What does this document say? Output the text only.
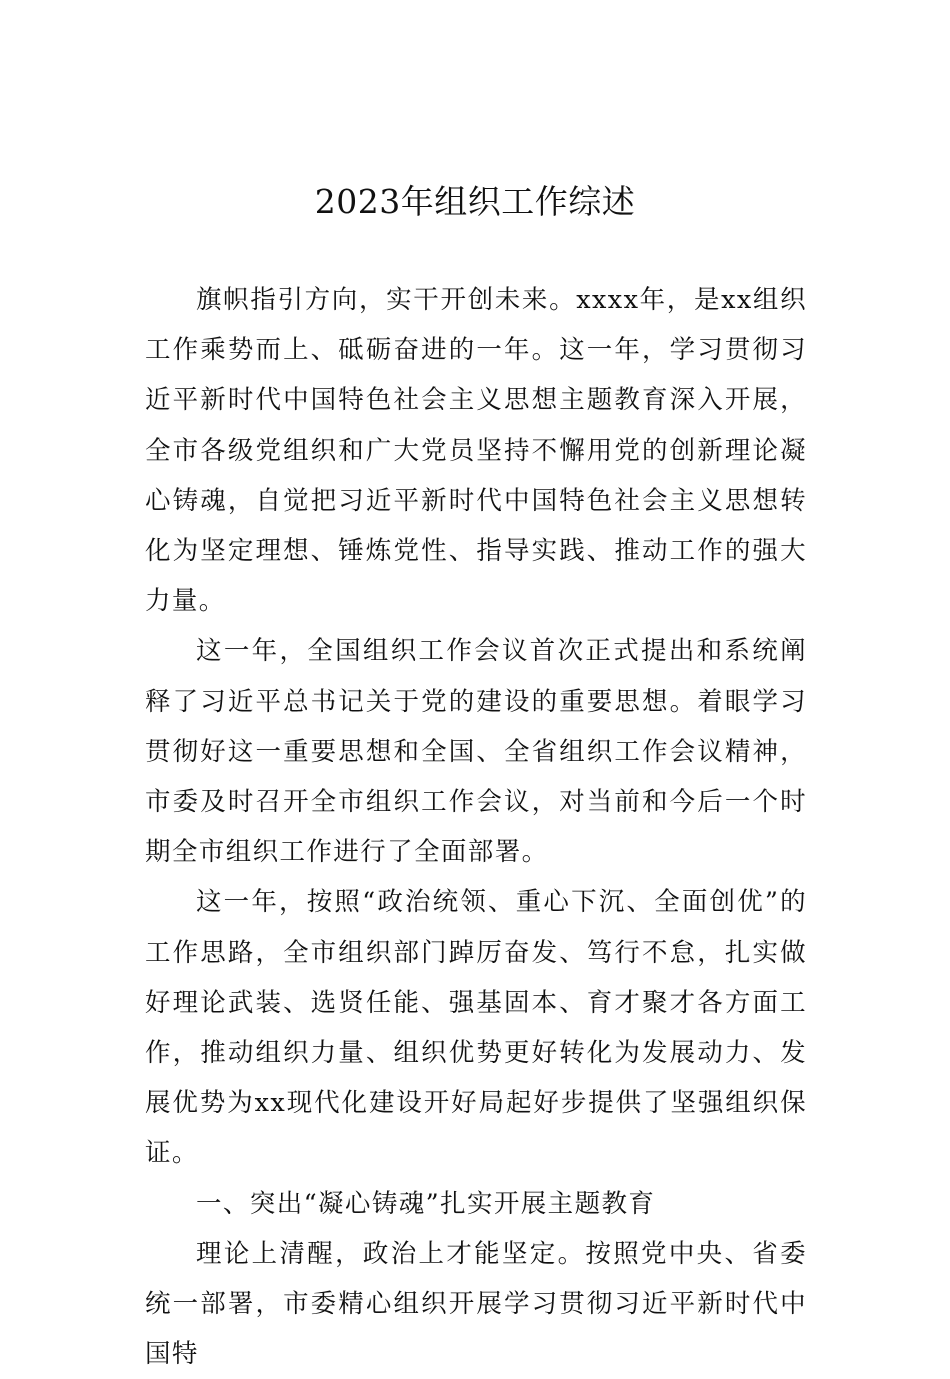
2023年组织工作综述

旗帜指引方向，实干开创未来。xxxx年，是xx组织工作乘势而上、砥砺奋进的一年。这一年，学习贯彻习近平新时代中国特色社会主义思想主题教育深入开展，全市各级党组织和广大党员坚持不懈用党的创新理论凝心铸魂，自觉把习近平新时代中国特色社会主义思想转化为坚定理想、锤炼党性、指导实践、推动工作的强大力量。

这一年，全国组织工作会议首次正式提出和系统阐释了习近平总书记关于党的建设的重要思想。着眼学习贯彻好这一重要思想和全国、全省组织工作会议精神，市委及时召开全市组织工作会议，对当前和今后一个时期全市组织工作进行了全面部署。

这一年，按照“政治统领、重心下沉、全面创优”的工作思路，全市组织部门踔厉奋发、笃行不怠，扎实做好理论武装、选贤任能、强基固本、育才聚才各方面工作，推动组织力量、组织优势更好转化为发展动力、发展优势为xx现代化建设开好局起好步提供了坚强组织保证。

一、突出“凝心铸魂”扎实开展主题教育

理论上清醒，政治上才能坚定。按照党中央、省委统一部署，市委精心组织开展学习贯彻习近平新时代中国特
